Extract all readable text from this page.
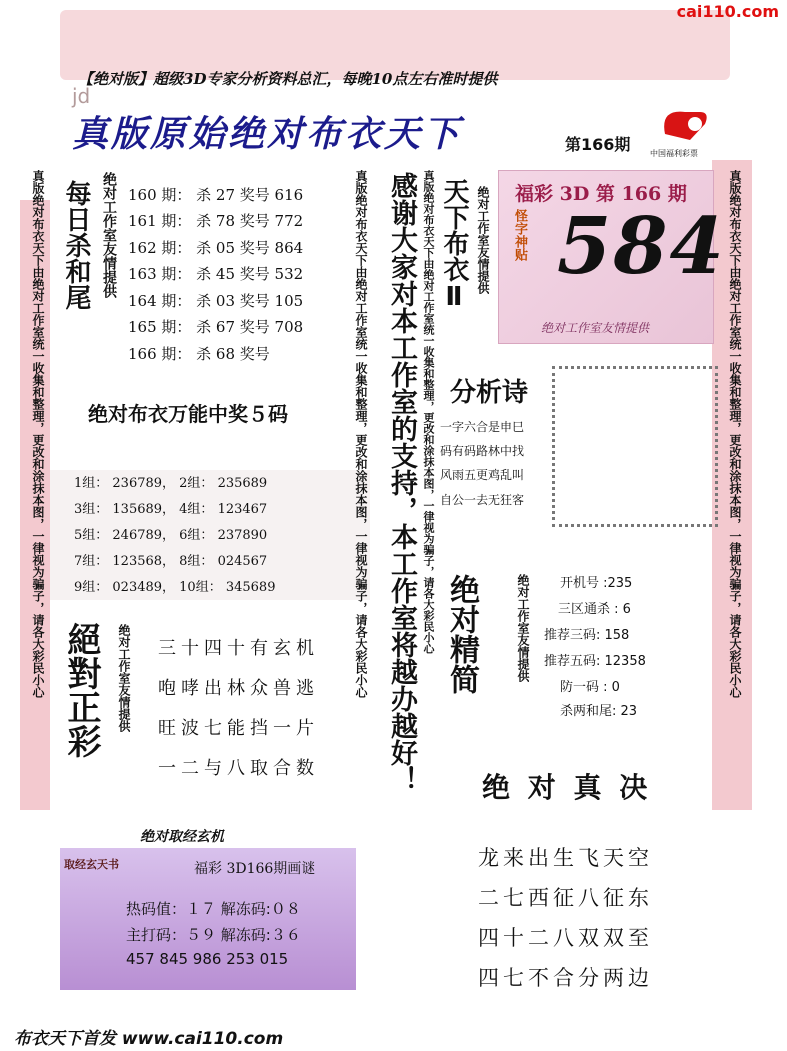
cai110.com
【绝对版】超级3D专家分析资料总汇，每晚10点左右准时提供
jd
真版原始绝对布衣天下	第166期 中国福利彩票
真版绝对布衣天下由绝对工作室统一收集和整理，更改和涂抹本图，一律视为骗子，请各大彩民小心	真版绝对布衣天下由绝对工作室统一收集和整理，更改和涂抹本图，一律视为骗子，请各大彩民小心
真版绝对布衣天下由绝对工作室统一收集和整理，更改和涂抹本图，一律视为骗子，请各大彩民小心	真版绝对布衣天下由绝对工作室统一收集和整理，更改和涂抹本图，一律视为骗子，请各大彩民小心
每日杀和尾 绝对工作室友情提供 160 期： 杀 27 奖号 616
161 期： 杀 78 奖号 772
162 期： 杀 05 奖号 864
163 期： 杀 45 奖号 532
164 期： 杀 03 奖号 105
165 期： 杀 67 奖号 708
166 期： 杀 68 奖号
绝对布衣万能中奖５码
1组： 236789， 2组： 235689
3组： 135689， 4组： 123467
5组： 246789， 6组： 237890
7组： 123568， 8组： 024567
9组： 023489， 10组： 345689	感谢大家对本工作室的支持，本工作室将越办越好！ 天下布衣Ⅱ 绝对工作室友情提供 福彩 3D 第 166 期
怪字神贴 584
绝对工作室友情提供
分析诗
一字六合是申巳
码有码路林中找
风雨五更鸡乱叫
自公一去无狂客
绝对精简	绝对工作室友情提供 开机号 :235
三区通杀 : 6
推荐三码: 158
推荐五码: 12358
防一码 : 0
杀两和尾: 23
絕對正彩 绝对工作室友情提供 三十四十有玄机
咆哮出林众兽逃
旺波七能挡一片
一二与八取合数
绝 对 真 决
龙来出生飞天空
二七西征八征东
四十二八双双至
四七不合分两边
绝对取经玄机
取经玄天书	福彩 3D166期画谜
热码值：１７ 解冻码:０８
主打码：５９ 解冻码:３６
457 845 986 253 015
布衣天下首发 www.cai110.com
